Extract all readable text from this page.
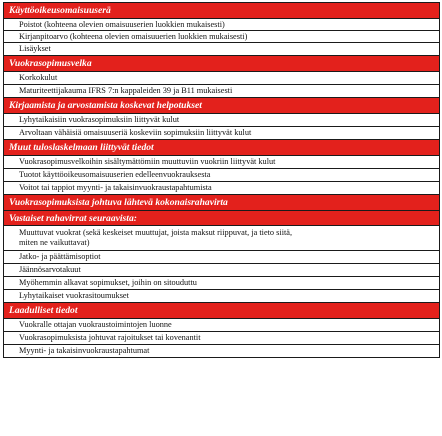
Käyttöoikeusomaisuuserä
Poistot (kohteena olevien omaisuuserien luokkien mukaisesti)
Kirjanpitoarvo (kohteena olevien omaisuuerien luokkien mukaisesti)
Lisäykset
Vuokrasopimusvelka
Korkokulut
Maturiteettijakauma IFRS 7:n kappaleiden 39 ja B11 mukaisesti
Kirjaamista ja arvostamista koskevat helpotukset
Lyhytaikaisiin vuokrasopimuksiin liittyvät kulut
Arvoltaan vähäisiä omaisuuseriä koskeviin sopimuksiin liittyvät kulut
Muut tuloslaskelmaan liittyvät tiedot
Vuokrasopimusvelkoihin sisältymättömiin muuttuviin vuokriin liittyvät kulut
Tuotot käyttöoikeusomaisuuserien edelleenvuokrauksesta
Voitot tai tappiot myynti- ja takaisinvuokraustapahtumista
Vuokrasopimuksista johtuva lähtevä kokonaisrahavirta
Vastaiset rahavirrat seuraavista:
Muuttuvat vuokrat (sekä keskeiset muuttujat, joista maksut riippuvat, ja tieto siitä,
miten ne vaikuttavat)
Jatko- ja päättämisoptiot
Jäännösarvotakuut
Myöhemmin alkavat sopimukset, joihin on sitouduttu
Lyhytaikaiset vuokrasitoumukset
Laadulliset tiedot
Vuokralle ottajan vuokraustoimintojen luonne
Vuokrasopimuksista johtuvat rajoitukset tai kovenantit
Myynti- ja takaisinvuokraustapahtumat
